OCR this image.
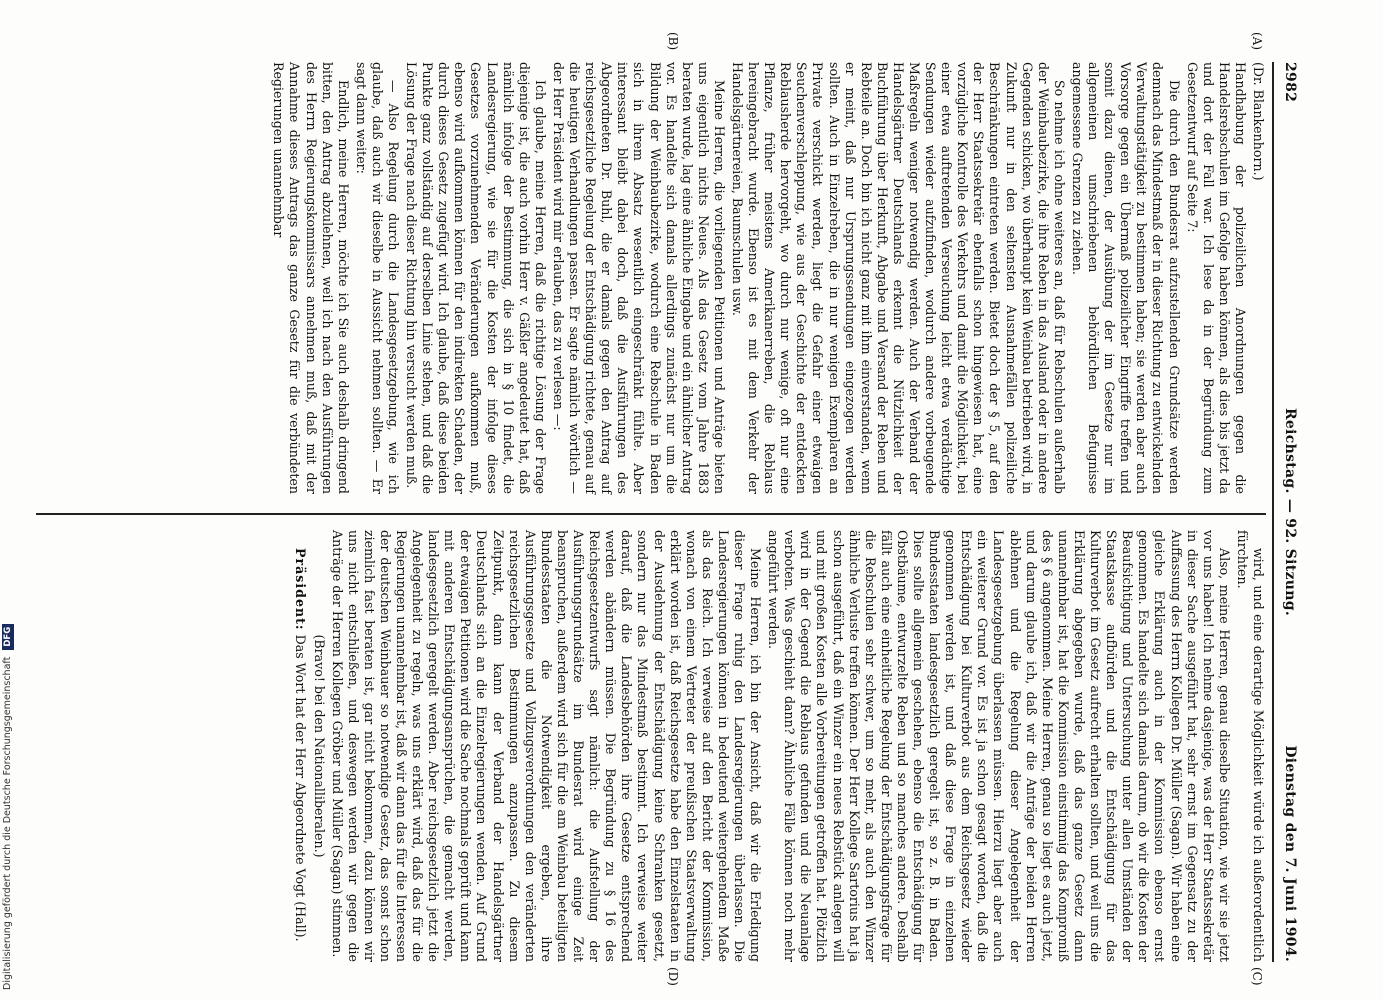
2982
Reichstag. — 92. Sitzung.
Dienstag den 7. Juni 1904.
(A)
(B)
(C)
(D)

(Dr. Blankenhorn.)

Handhabung der polizeilichen Anordnungen gegen die Handelsrebschulen im Gefolge haben können, als dies bis jetzt da und dort der Fall war. Ich lese da in der Begründung zum Gesetzentwurf auf Seite 7:

Die durch den Bundesrat aufzustellenden Grundsätze werden demnach das Mindestmaß der in dieser Richtung zu entwickelnden Verwaltungstätigkeit zu bestimmen haben; sie werden aber auch Vorsorge gegen ein Übermaß polizeilicher Eingriffe treffen und somit dazu dienen, der Ausübung der im Gesetze nur im allgemeinen umschriebenen behördlichen Befugnisse angemessene Grenzen zu ziehen.

So nehme ich ohne weiteres an, daß für Rebschulen außerhalb der Weinbaubezirke, die ihre Reben in das Ausland oder in andere Gegenden schicken, wo überhaupt kein Weinbau betrieben wird, in Zukunft nur in den seltensten Ausnahmefällen polizeiliche Beschränkungen eintreten werden. Bietet doch der § 5, auf den der Herr Staatssekretär ebenfalls schon hingewiesen hat, eine vorzügliche Kontrolle des Verkehrs und damit die Möglichkeit, bei einer etwa auftretenden Verseuchung leicht etwa verdächtige Sendungen wieder aufzufinden, wodurch andere vorbeugende Maßregeln weniger notwendig werden. Auch der Verband der Handelsgärtner Deutschlands erkennt die Nützlichkeit der Buchführung über Herkunft, Abgabe und Versand der Reben und Rebteile an. Doch bin ich nicht ganz mit ihm einverstanden, wenn er meint, daß nur Ursprungssendungen eingezogen werden sollten. Auch in Einzelreben, die in nur wenigen Exemplaren an Private verschickt werden, liegt die Gefahr einer etwaigen Seuchenverschleppung, wie aus der Geschichte der entdeckten Reblausherde hervorgeht, wo durch nur wenige, oft nur eine Pflanze, früher meistens Amerikanerreben, die Reblaus hereingebracht wurde. Ebenso ist es mit dem Verkehr der Handelsgärtnereien, Baumschulen usw.

Meine Herren, die vorliegenden Petitionen und Anträge bieten uns eigentlich nichts Neues. Als das Gesetz vom Jahre 1883 beraten wurde, lag eine ähnliche Eingabe und ein ähnlicher Antrag vor. Es handelte sich damals allerdings zunächst nur um die Bildung der Weinbaubezirke, wodurch eine Rebschule in Baden sich in ihrem Absatz wesentlich eingeschränkt fühlte. Aber interessant bleibt dabei doch, daß die Ausführungen des Abgeordneten Dr. Buhl, die er damals gegen den Antrag auf reichsgesetzliche Regelung der Entschädigung richtete, genau auf die heutigen Verhandlungen passen. Er sagte nämlich wörtlich — der Herr Präsident wird mir erlauben, das zu verlesen —:

Ich glaube, meine Herren, daß die richtige Lösung der Frage diejenige ist, die auch vorhin Herr v. Gäßler angedeutet hat, daß nämlich infolge der Bestimmung, die sich in § 10 findet, die Landesregierung, wie sie für die Kosten der infolge dieses Gesetzes vorzunehmenden Veränderungen aufkommen muß, ebenso wird aufkommen können für den indirekten Schaden, der durch dieses Gesetz zugefügt wird. Ich glaube, daß diese beiden Punkte ganz vollständig auf derselben Linie stehen, und daß die Lösung der Frage nach dieser Richtung hin versucht werden muß.

— Also Regelung durch die Landesgesetzgebung, wie ich glaube, daß auch wir dieselbe in Aussicht nehmen sollten. — Er sagt dann weiter:

Endlich, meine Herren, möchte ich Sie auch deshalb dringend bitten, den Antrag abzulehnen, weil ich nach den Ausführungen des Herrn Regierungskommissars annehmen muß, daß mit der Annahme dieses Antrags das ganze Gesetz für die verbündeten Regierungen unannehmbar

wird, und eine derartige Möglichkeit würde ich außerordentlich fürchten.

Also, meine Herren, genau dieselbe Situation, wie wir sie jetzt vor uns haben! Ich nehme dasjenige, was der Herr Staatssekretär in dieser Sache ausgeführt hat, sehr ernst im Gegensatz zu der Auffassung des Herrn Kollegen Dr. Müller (Sagan). Wir haben eine gleiche Erklärung auch in der Kommission ebenso ernst genommen. Es handelte sich damals darum, ob wir die Kosten der Beaufsichtigung und Untersuchung unter allen Umständen der Staatskasse aufbürden und die Entschädigung für das Kulturverbot im Gesetz aufrecht erhalten sollten, und weil uns die Erklärung abgegeben wurde, daß das ganze Gesetz dann unannehmbar ist, hat die Kommission einstimmig das Kompromiß des § 6 angenommen. Meine Herren, genau so liegt es auch jetzt, und darum glaube ich, daß wir die Anträge der beiden Herren ablehnen und die Regelung dieser Angelegenheit der Landesgesetzgebung überlassen müssen. Hierzu liegt aber auch ein weiterer Grund vor. Es ist ja schon gesagt worden, daß die Entschädigung bei Kulturverbot aus dem Reichsgesetz wieder genommen werden ist, und daß diese Frage in einzelnen Bundesstaaten landesgesetzlich geregelt ist, so z. B. in Baden. Dies sollte allgemein geschehen, ebenso die Entschädigung für Obstbäume, entwurzelte Reben und so manches andere. Deshalb fällt auch eine einheitliche Regelung der Entschädigungsfrage für die Rebschulen sehr schwer, um so mehr, als auch den Winzer ähnliche Verluste treffen können. Der Herr Kollege Sartorius hat ja schon ausgeführt, daß ein Winzer ein neues Rebstück anlegen will und mit großen Kosten alle Vorbereitungen getroffen hat. Plötzlich wird in der Gegend die Reblaus gefunden und die Neuanlage verboten. Was geschieht dann? Ähnliche Fälle können noch mehr angeführt werden.

Meine Herren, ich bin der Ansicht, daß wir die Erledigung dieser Frage ruhig den Landesregierungen überlassen. Die Landesregierungen können in bedeutend weitergehendem Maße als das Reich. Ich verweise auf den Bericht der Kommission, wonach von einem Vertreter der preußischen Staatsverwaltung erklärt worden ist, daß Reichsgesetze habe den Einzelstaaten in der Ausdehnung der Entschädigung keine Schranken gesetzt, sondern nur das Mindestmaß bestimmt. Ich verweise weiter darauf, daß die Landesbehörden ihre Gesetze entsprechend werden abändern müssen. Die Begründung zu § 16 des Reichsgesetzentwurfs sagt nämlich: die Aufstellung der Ausführungsgrundsätze im Bundesrat wird einige Zeit beanspruchen, außerdem wird sich für die am Weinbau beteiligten Bundesstaaten die Notwendigkeit ergeben, ihre Ausführungsgesetze und Vollzugsverordnungen den veränderten reichsgesetzlichen Bestimmungen anzupassen. Zu diesem Zeitpunkt, dann kann der Verband der Handelsgärtner Deutschlands sich an die Einzelregierungen wenden. Auf Grund der etwaigen Petitionen wird die Sache nochmals geprüft und kann mit anderen Entschädigungsansprüchen, die gemacht werden, landesgesetzlich geregelt werden. Aber reichsgesetzlich jetzt die Angelegenheit zu regeln, was uns erklärt wird, daß das für die Regierungen unannehmbar ist, daß wir dann das für die Interessen der deutschen Weinbauer so notwendige Gesetz, das sonst schon ziemlich fast beraten ist, gar nicht bekommen, dazu können wir uns nicht entschließen, und deswegen werden wir gegen die Anträge der Herren Kollegen Gröber und Müller (Sagan) stimmen.

(Bravo! bei den Nationalliberalen.)

Präsident: Das Wort hat der Herr Abgeordnete Vogt (Hall).

Digitalisierung gefördert durch die Deutsche Forschungsgemeinschaft DFG
